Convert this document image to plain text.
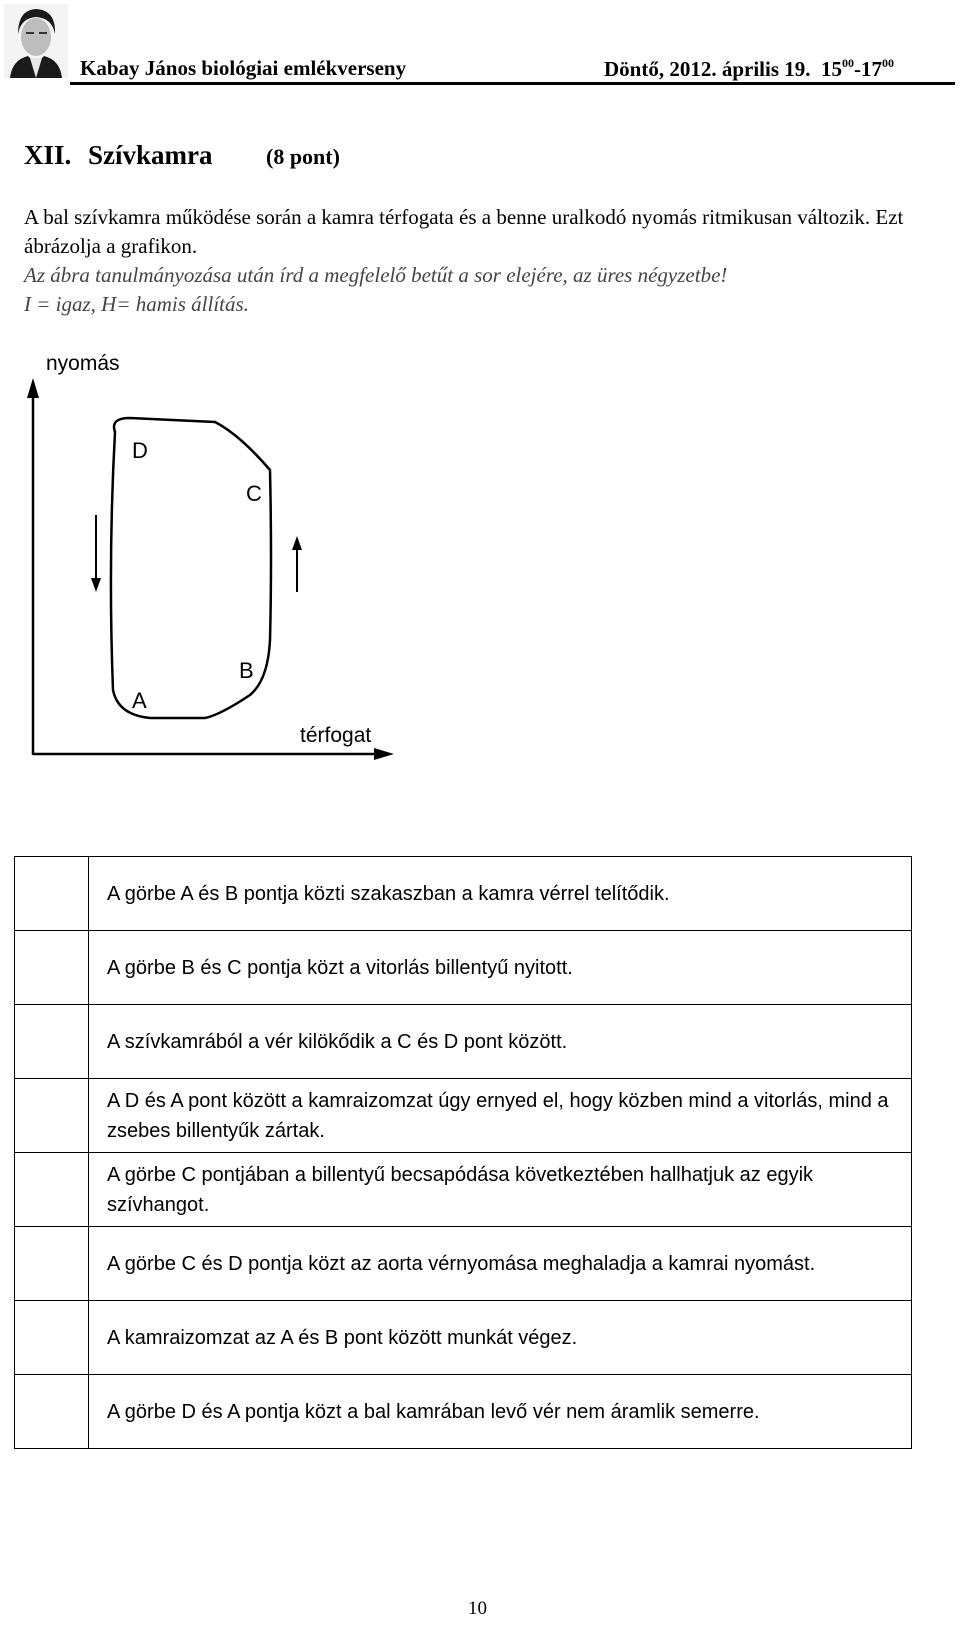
Kabay János biológiai emlékverseny	Döntő, 2012. április 19. $15^{00}-17^{00}$
XII. Szívkamra (8 pont)
A bal szívkamra működése során a kamra térfogata és a benne uralkodó nyomás ritmikusan változik. Ezt ábrázolja a grafikon.
Az ábra tanulmányozása után írd a megfelelő betűt a sor elejére, az üres négyzetbe!
I = igaz, H= hamis állítás.
nyomás
térfogat
D
C
B
A
	A görbe A és B pontja közti szakaszban a kamra vérrel telítődik.
	A görbe B és C pontja közt a vitorlás billentyű nyitott.
	A szívkamrából a vér kilökődik a C és D pont között.
	A D és A pont között a kamraizomzat úgy ernyed el, hogy közben mind a vitorlás, mind a zsebes billentyűk zártak.
	A görbe C pontjában a billentyű becsapódása következtében hallhatjuk az egyik szívhangot.
	A görbe C és D pontja közt az aorta vérnyomása meghaladja a kamrai nyomást.
	A kamraizomzat az A és B pont között munkát végez.
	A görbe D és A pontja közt a bal kamrában levő vér nem áramlik semerre.
10
